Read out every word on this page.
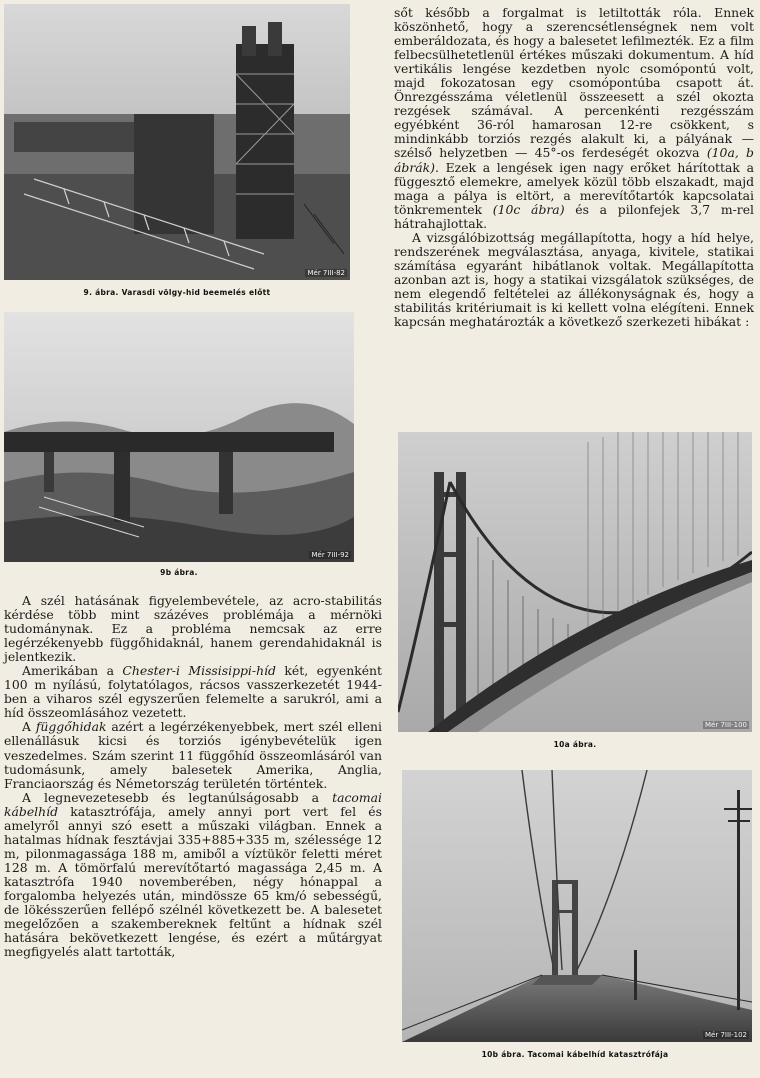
Mér 7III-82
9. ábra. Varasdi völgy-hid beemelés előtt
Mér 7III-92
9b ábra.

A szél hatásának figyelembevétele, az acro-stabilitás kérdése több mint százéves problémája a mérnöki tudománynak. Ez a probléma nemcsak az erre legérzékenyebb függőhidaknál, hanem gerendahidaknál is jelentkezik.

Amerikában a Chester-i Missisippi-híd két, egyenként 100 m nyílású, folytatólagos, rácsos vasszerkezetét 1944-ben a viharos szél egyszerűen felemelte a sarukról, ami a híd összeomlásához vezetett.

A függőhidak azért a legérzékenyebbek, mert szél elleni ellenállásuk kicsi és torziós igénybevételük igen veszedelmes. Szám szerint 11 függőhíd összeomlásáról van tudomásunk, amely balesetek Amerika, Anglia, Franciaország és Németország területén történtek.

A legnevezetesebb és legtanúlságosabb a tacomai kábelhíd katasztrófája, amely annyi port vert fel és amelyről annyi szó esett a műszaki világban. Ennek a hatalmas hídnak fesztávjai 335+885+335 m, szélessége 12 m, pilonmagassága 188 m, amiből a víztükör feletti méret 128 m. A tömörfalú merevítőtartó magassága 2,45 m. A katasztrófa 1940 novemberében, négy hónappal a forgalomba helyezés után, mindössze 65 km/ó sebességű, de lökésszerűen fellépő szélnél következett be. A balesetet megelőzően a szakembereknek feltűnt a hídnak szél hatására bekövetkezett lengése, és ezért a műtárgyat megfigyelés alatt tartották,

sőt később a forgalmat is letiltották róla. Ennek köszönhető, hogy a szerencsétlenségnek nem volt emberáldozata, és hogy a balesetet lefilmezték. Ez a film felbecsülhetetlenül értékes műszaki dokumentum. A híd vertikális lengése kezdetben nyolc csomópontú volt, majd fokozatosan egy csomópontúba csapott át. Önrezgésszáma véletlenül összeesett a szél okozta rezgések számával. A percenkénti rezgésszám egyébként 36-ról hamarosan 12-re csökkent, s mindinkább torziós rezgés alakult ki, a pályának — szélső helyzetben — 45°-os ferdeségét okozva (10a, b ábrák). Ezek a lengések igen nagy erőket hárítottak a függesztő elemekre, amelyek közül több elszakadt, majd maga a pálya is eltört, a merevítőtartók kapcsolatai tönkrementek (10c ábra) és a pilonfejek 3,7 m-rel hátrahajlottak.

A vizsgálóbizottság megállapította, hogy a híd helye, rendszerének megválasztása, anyaga, kivitele, statikai számítása egyaránt hibátlanok voltak. Megállapította azonban azt is, hogy a statikai vizsgálatok szükséges, de nem elegendő feltételei az állékonyságnak és, hogy a stabilitás kritériumait is ki kellett volna elégíteni. Ennek kapcsán meghatározták a következő szerkezeti hibákat :

Mér 7III-100
10a ábra.
Mér 7III-102
10b ábra. Tacomai kábelhíd katasztrófája
